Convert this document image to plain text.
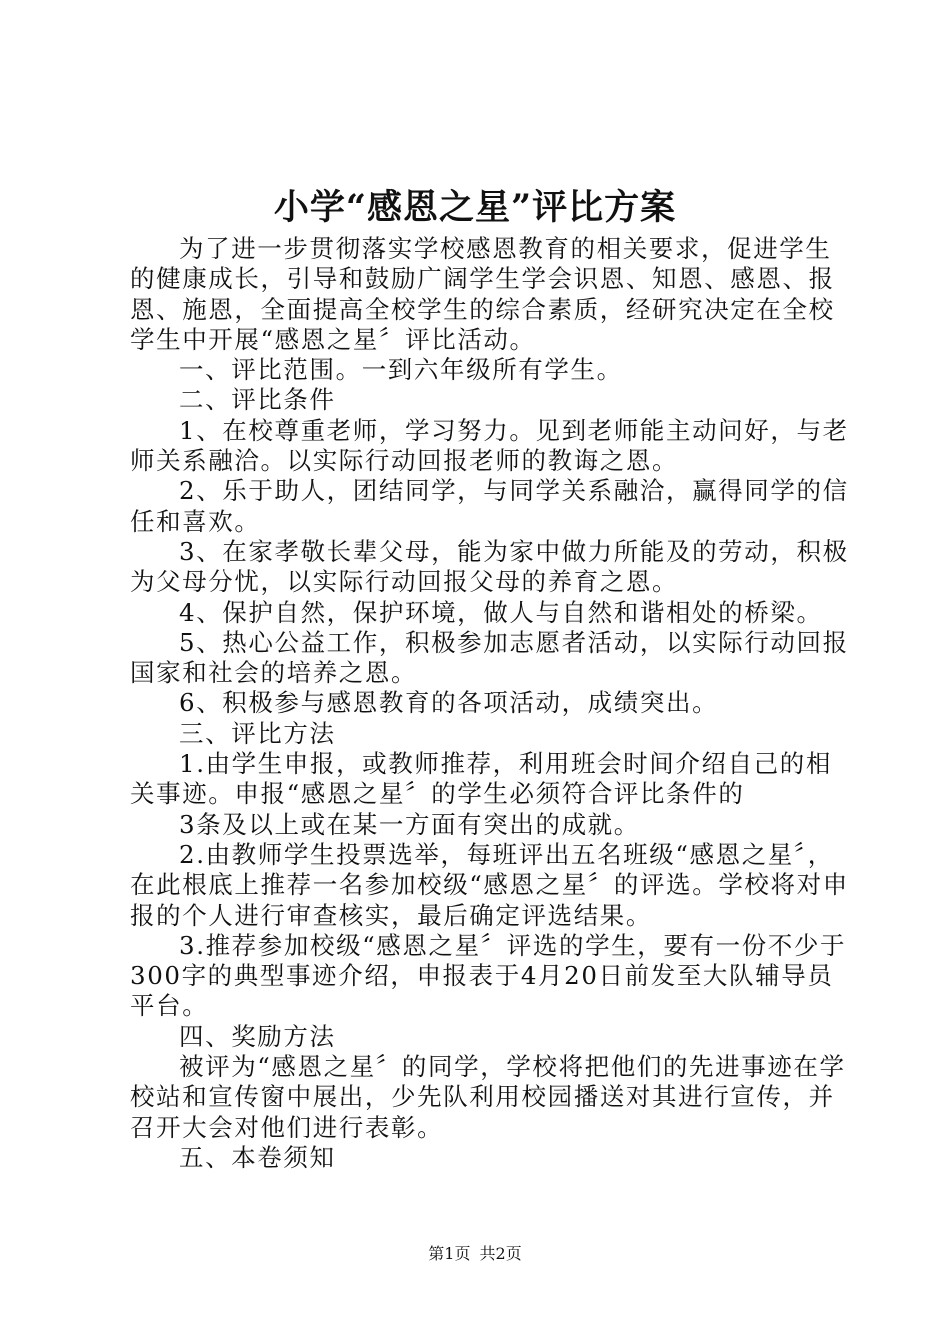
小学“感恩之星”评比方案

为了进一步贯彻落实学校感恩教育的相关要求，促进学生的健康成长，引导和鼓励广阔学生学会识恩、知恩、感恩、报恩、施恩，全面提高全校学生的综合素质，经研究决定在全校学生中开展“感恩之星〞评比活动。

一、评比范围。一到六年级所有学生。

二、评比条件

1、在校尊重老师，学习努力。见到老师能主动问好，与老师关系融洽。以实际行动回报老师的教诲之恩。

2、乐于助人，团结同学，与同学关系融洽，赢得同学的信任和喜欢。

3、在家孝敬长辈父母，能为家中做力所能及的劳动，积极为父母分忧，以实际行动回报父母的养育之恩。

4、保护自然，保护环境，做人与自然和谐相处的桥梁。

5、热心公益工作，积极参加志愿者活动，以实际行动回报国家和社会的培养之恩。

6、积极参与感恩教育的各项活动，成绩突出。

三、评比方法

1.由学生申报，或教师推荐，利用班会时间介绍自己的相关事迹。申报“感恩之星〞的学生必须符合评比条件的

3条及以上或在某一方面有突出的成就。

2.由教师学生投票选举，每班评出五名班级“感恩之星〞，在此根底上推荐一名参加校级“感恩之星〞的评选。学校将对申报的个人进行审查核实，最后确定评选结果。

3.推荐参加校级“感恩之星〞评选的学生，要有一份不少于300字的典型事迹介绍，申报表于4月20日前发至大队辅导员平台。

四、奖励方法

被评为“感恩之星〞的同学，学校将把他们的先进事迹在学校站和宣传窗中展出，少先队利用校园播送对其进行宣传，并召开大会对他们进行表彰。

五、本卷须知

第1页 共2页
